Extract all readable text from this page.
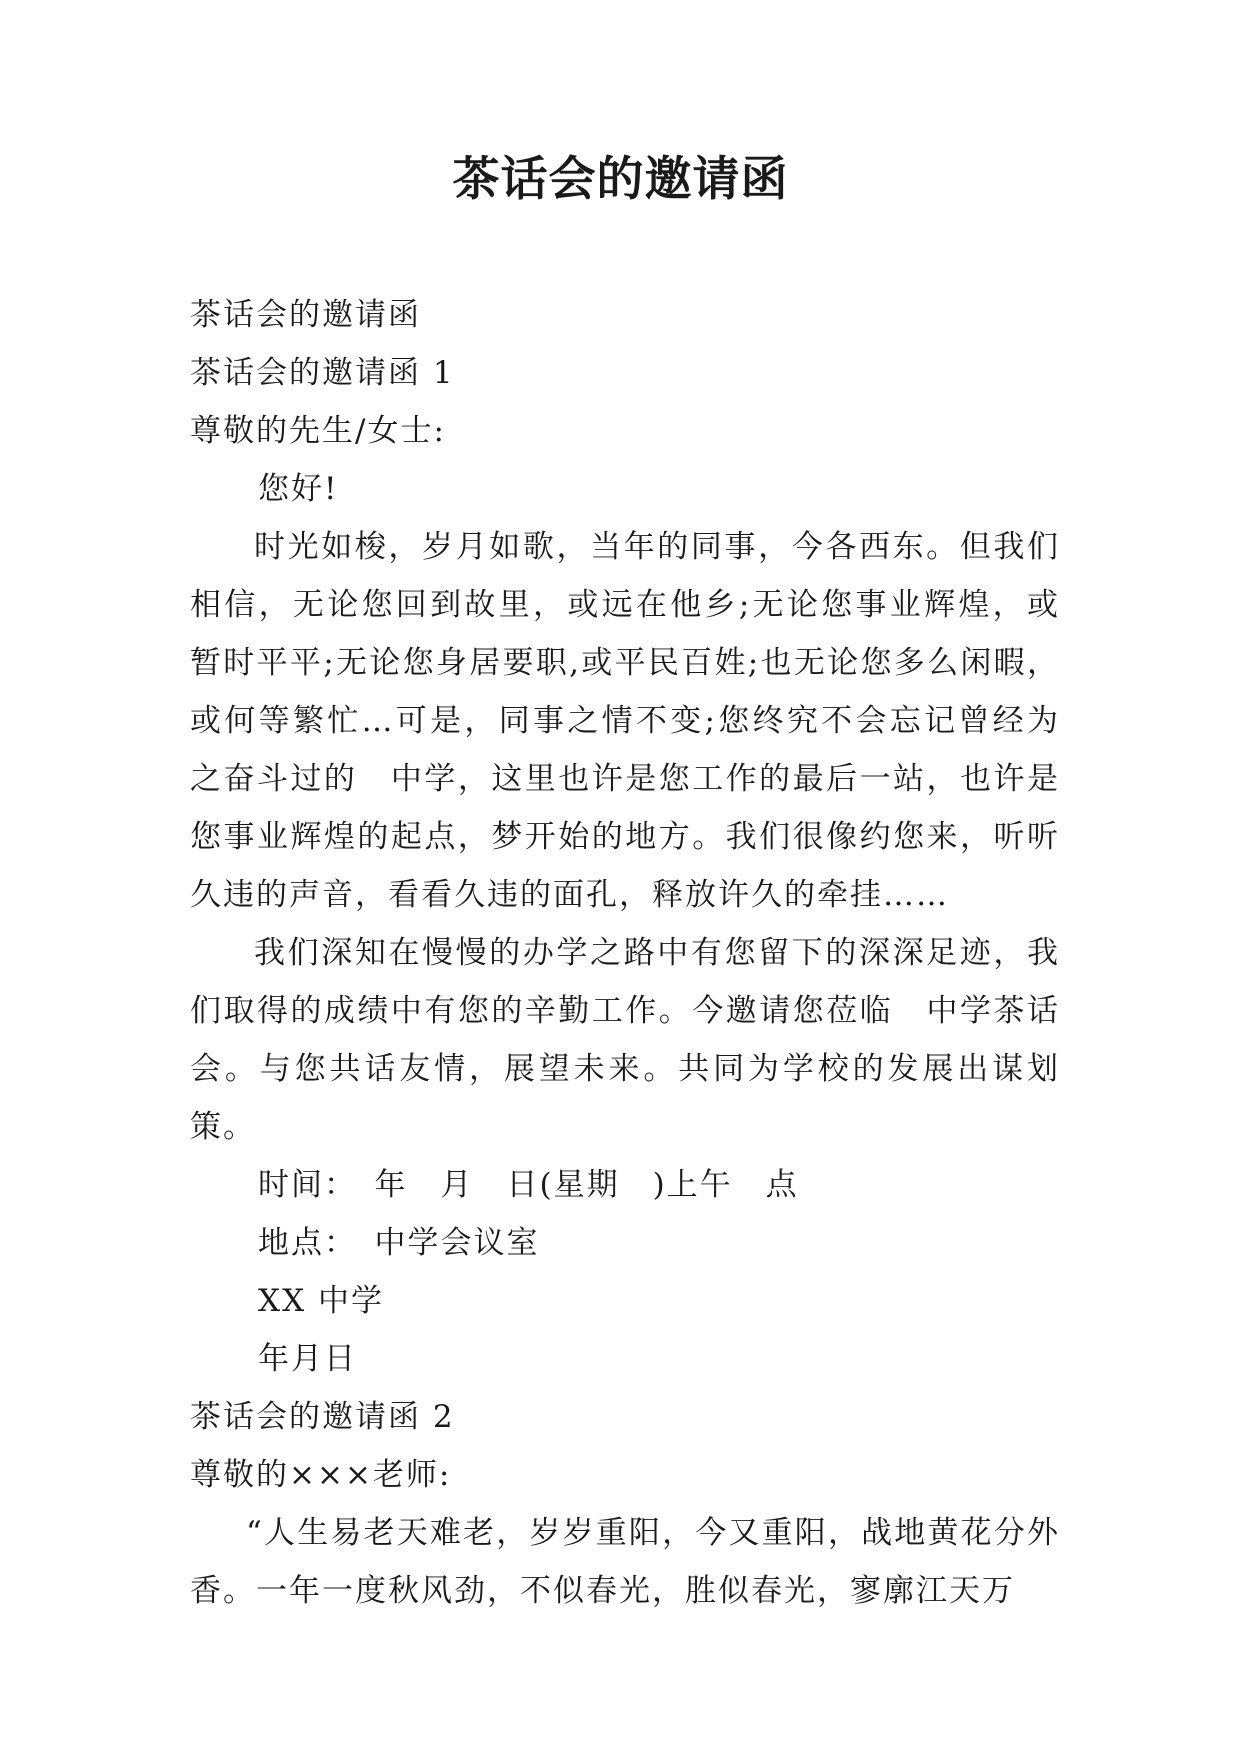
茶话会的邀请函

茶话会的邀请函

茶话会的邀请函 1

尊敬的先生/女士:

您好!

时光如梭，岁月如歌，当年的同事，今各西东。但我们相信，无论您回到故里，或远在他乡;无论您事业辉煌，或暂时平平;无论您身居要职,或平民百姓;也无论您多么闲暇，或何等繁忙…可是，同事之情不变;您终究不会忘记曾经为之奋斗过的　中学，这里也许是您工作的最后一站，也许是您事业辉煌的起点，梦开始的地方。我们很像约您来，听听久违的声音，看看久违的面孔，释放许久的牵挂……

我们深知在慢慢的办学之路中有您留下的深深足迹，我们取得的成绩中有您的辛勤工作。今邀请您莅临　中学茶话会。与您共话友情，展望未来。共同为学校的发展出谋划策。

时间：　年　月　日(星期　)上午　点

地点：　中学会议室

XX 中学

年月日

茶话会的邀请函 2

尊敬的×××老师:

“人生易老天难老，岁岁重阳，今又重阳，战地黄花分外香。一年一度秋风劲，不似春光，胜似春光，寥廓江天万
